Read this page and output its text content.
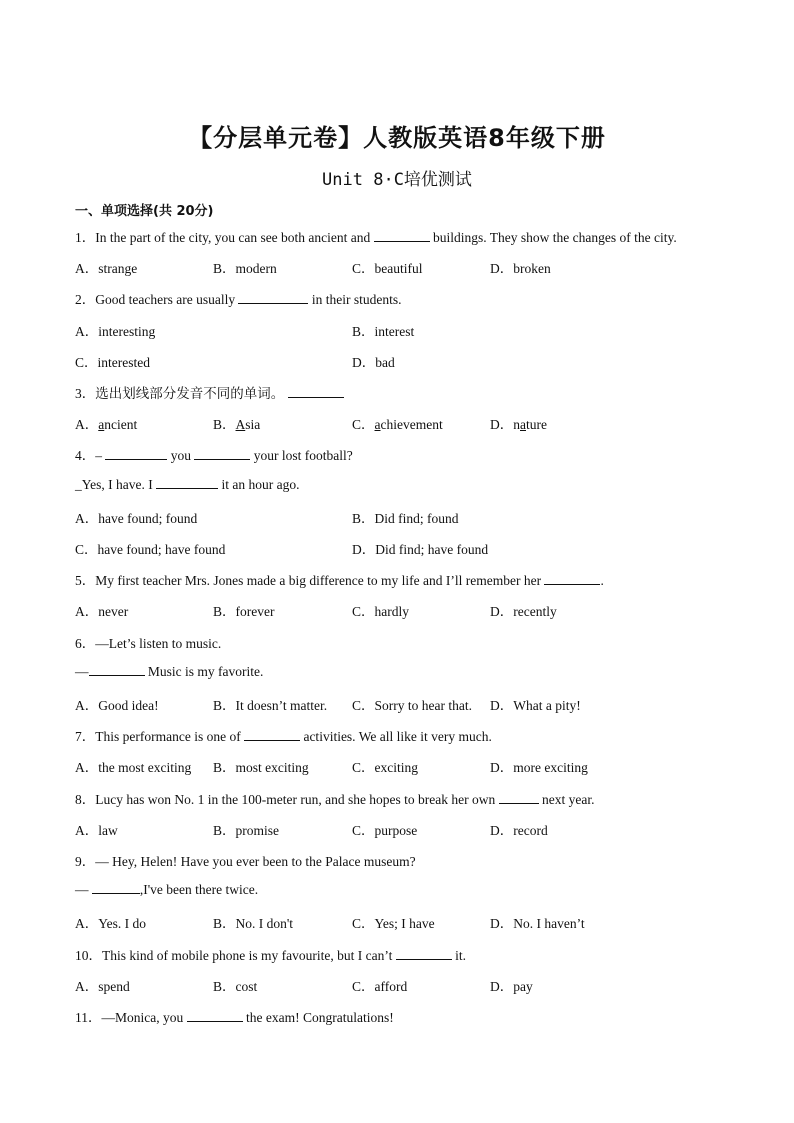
【分层单元卷】人教版英语8年级下册
Unit 8·C培优测试
一、单项选择(共 20分)
1．In the part of the city, you can see both ancient and	buildings. They show the changes of the city.
A．strange	B．modern	C．beautiful	D．broken
2．Good teachers are usually	in their students.
A．interesting	B．interest
C．interested	D．bad
3．选出划线部分发音不同的单词。
A．ancient	B．Asia	C．achievement	D．nature
4．–	you	your lost football?
_Yes, I have. I	it an hour ago.
A．have found; found	B．Did find; found
C．have found; have found	D．Did find; have found
5．My first teacher Mrs. Jones made a big difference to my life and I’ll remember her	.
A．never	B．forever	C．hardly	D．recently
6．—Let’s listen to music.
—	Music is my favorite.
A．Good idea!	B．It doesn’t matter. C．Sorry to hear that. D．What a pity!
7．This performance is one of	activities. We all like it very much.
A．the most exciting B．most exciting	C．exciting	D．more exciting
8．Lucy has won No. 1 in the 100-meter run, and she hopes to break her own	next year.
A．law	B．promise	C．purpose	D．record
9．— Hey, Helen! Have you ever been to the Palace museum?
—	,I've been there twice.
A．Yes. I do	B．No. I don't	C．Yes; I have	D．No. I haven’t
10．This kind of mobile phone is my favourite, but I can’t	it.
A．spend	B．cost	C．afford	D．pay
11．—Monica, you	the exam! Congratulations!
